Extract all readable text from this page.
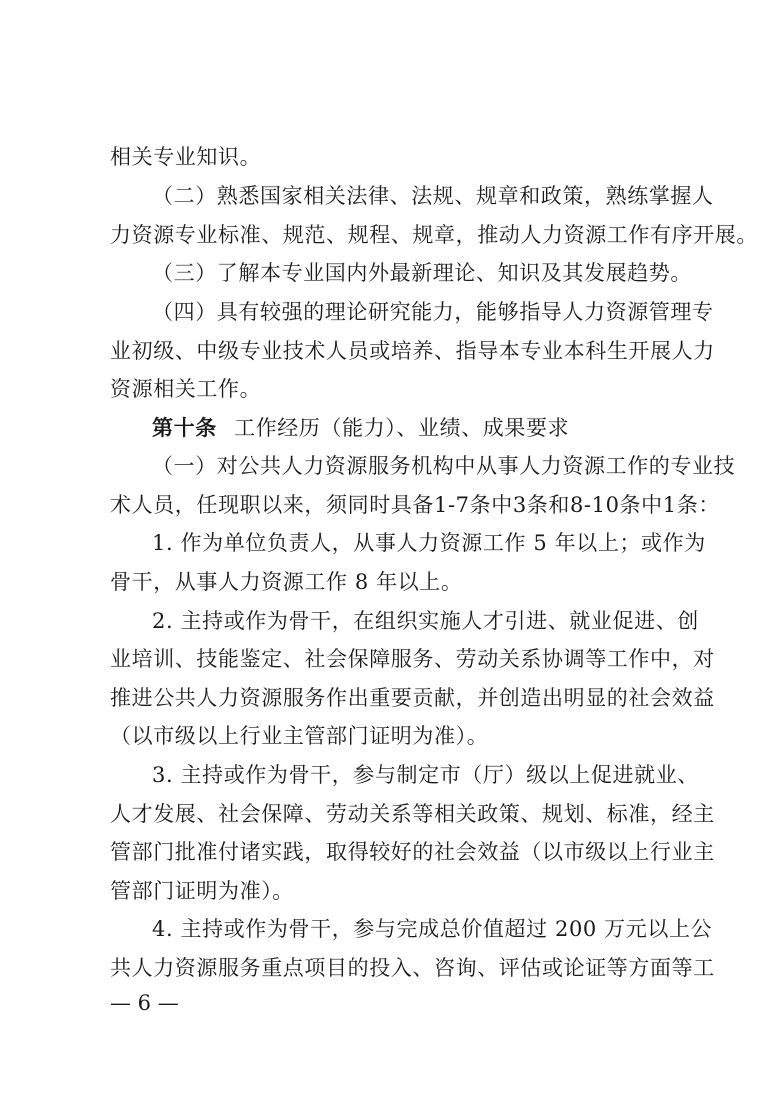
相关专业知识。
（二）熟悉国家相关法律、法规、规章和政策，熟练掌握人
力资源专业标准、规范、规程、规章，推动人力资源工作有序开展。
（三）了解本专业国内外最新理论、知识及其发展趋势。
（四）具有较强的理论研究能力，能够指导人力资源管理专
业初级、中级专业技术人员或培养、指导本专业本科生开展人力
资源相关工作。
第十条 工作经历（能力）、业绩、成果要求
（一）对公共人力资源服务机构中从事人力资源工作的专业技
术人员，任现职以来，须同时具备1-7条中3条和8-10条中1条：
1. 作为单位负责人，从事人力资源工作 5 年以上；或作为
骨干，从事人力资源工作 8 年以上。
2. 主持或作为骨干，在组织实施人才引进、就业促进、创
业培训、技能鉴定、社会保障服务、劳动关系协调等工作中，对
推进公共人力资源服务作出重要贡献，并创造出明显的社会效益
（以市级以上行业主管部门证明为准）。
3. 主持或作为骨干，参与制定市（厅）级以上促进就业、
人才发展、社会保障、劳动关系等相关政策、规划、标准，经主
管部门批准付诸实践，取得较好的社会效益（以市级以上行业主
管部门证明为准）。
4. 主持或作为骨干，参与完成总价值超过 200 万元以上公
共人力资源服务重点项目的投入、咨询、评估或论证等方面等工
— 6 —
